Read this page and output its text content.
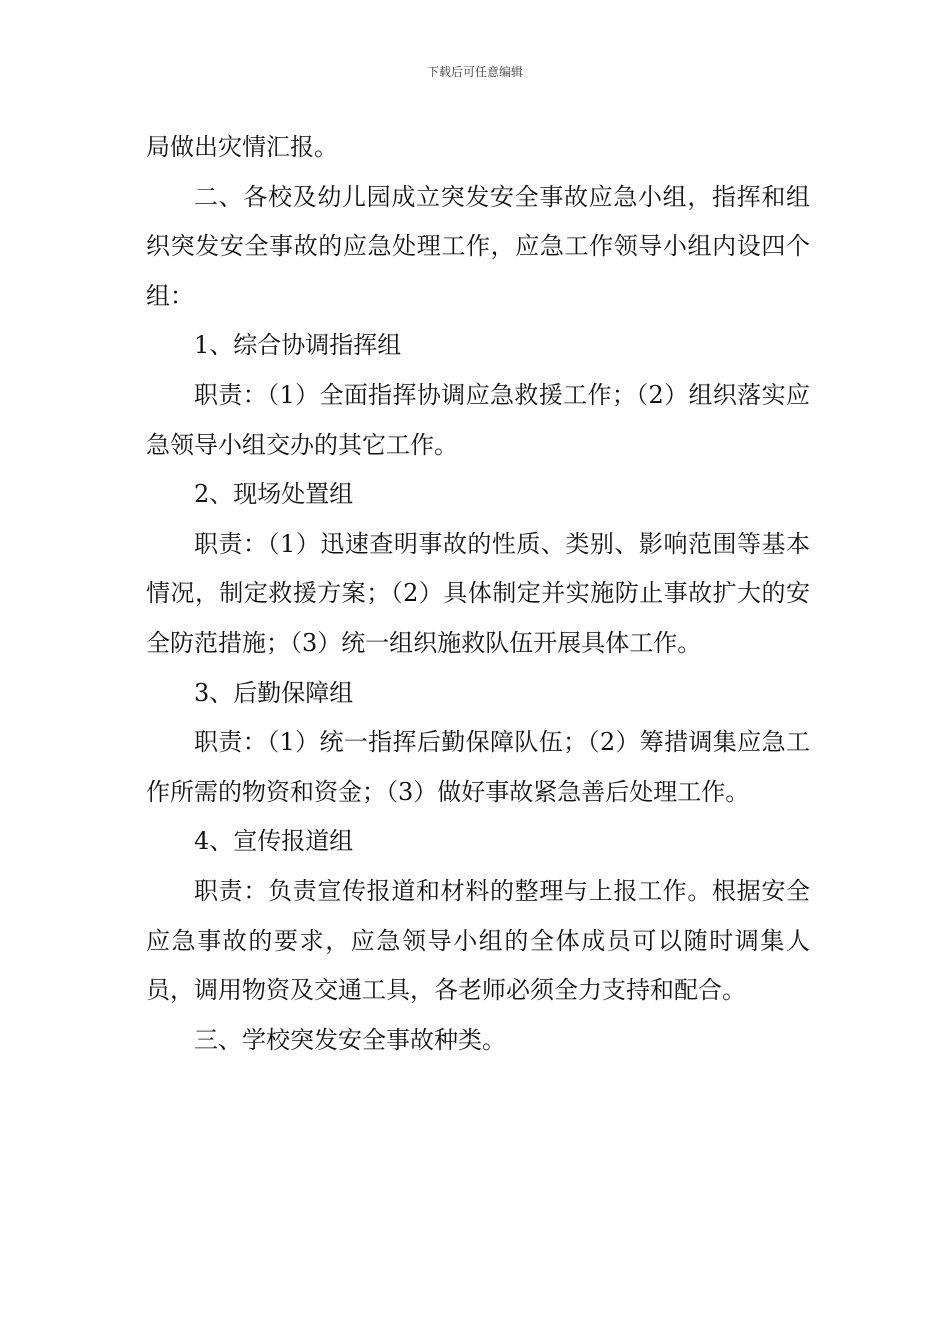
下载后可任意编辑

局做出灾情汇报。

二、各校及幼儿园成立突发安全事故应急小组，指挥和组织突发安全事故的应急处理工作，应急工作领导小组内设四个组：

1、综合协调指挥组

职责：（1）全面指挥协调应急救援工作；（2）组织落实应急领导小组交办的其它工作。

2、现场处置组

职责：（1）迅速查明事故的性质、类别、影响范围等基本情况，制定救援方案；（2）具体制定并实施防止事故扩大的安全防范措施；（3）统一组织施救队伍开展具体工作。

3、后勤保障组

职责：（1）统一指挥后勤保障队伍；（2）筹措调集应急工作所需的物资和资金；（3）做好事故紧急善后处理工作。

4、宣传报道组

职责：负责宣传报道和材料的整理与上报工作。根据安全应急事故的要求，应急领导小组的全体成员可以随时调集人员，调用物资及交通工具，各老师必须全力支持和配合。

三、学校突发安全事故种类。
